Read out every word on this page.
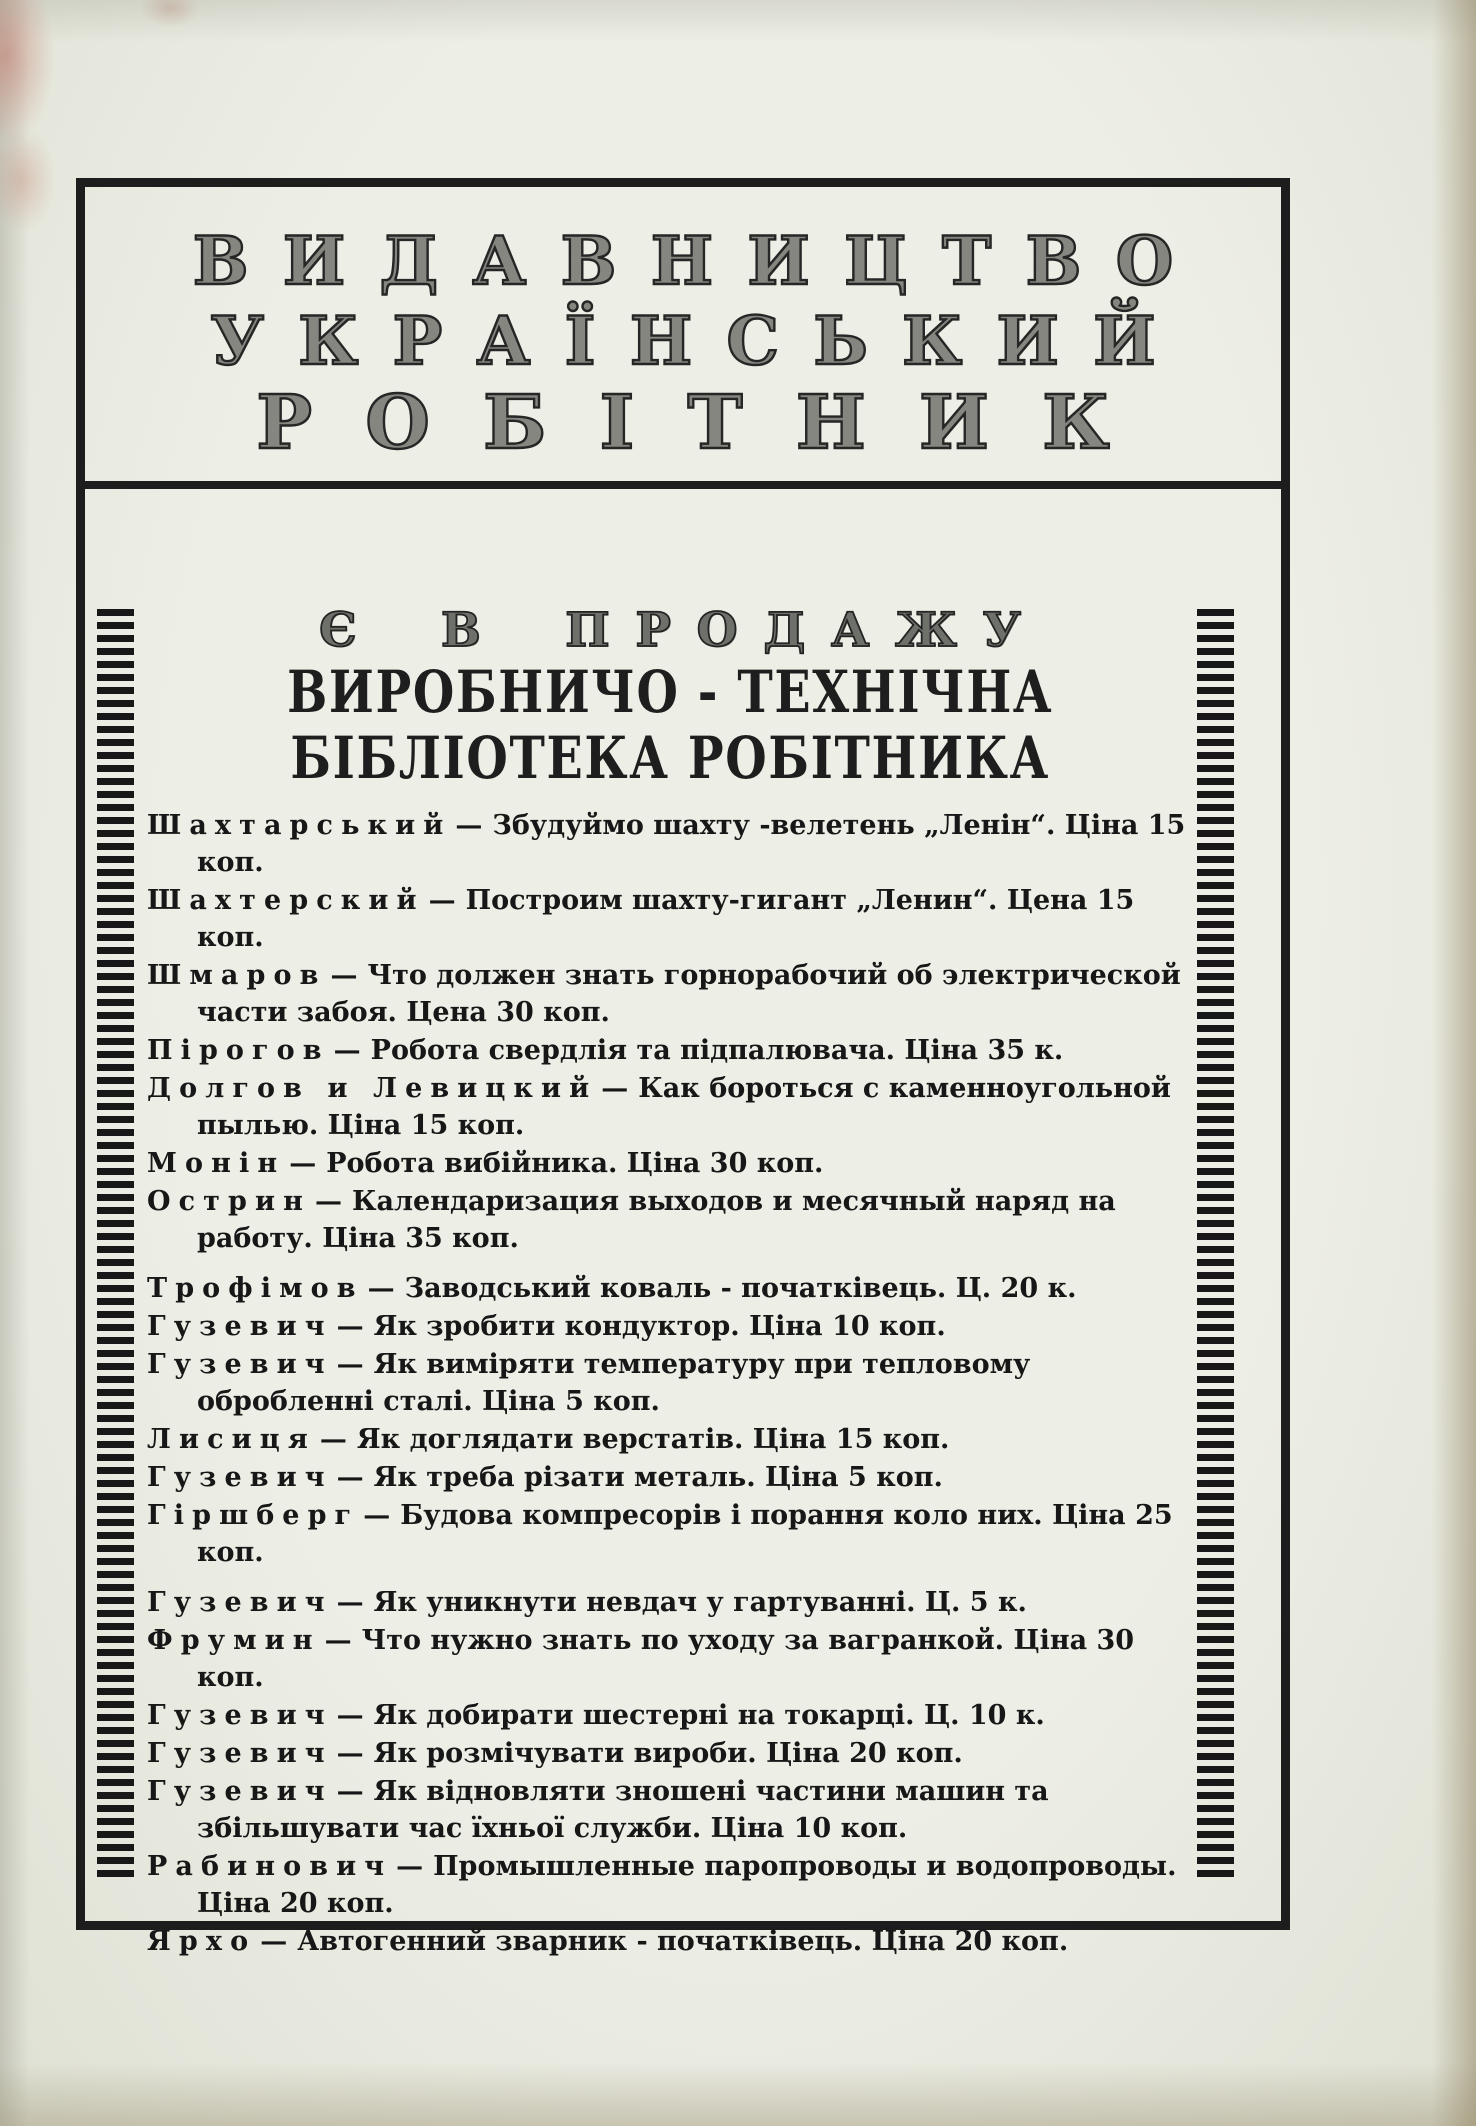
ВИДАВНИЦТВО
УКРАЇНСЬКИЙ
РОБІТНИК
Є В ПРОДАЖУ
ВИРОБНИЧО - ТЕХНІЧНА
БІБЛІОТЕКА РОБІТНИКА
Шахтарський — Збудуймо шахту -велетень „Ленін“. Ціна 15 коп.
Шахтерский — Построим шахту-гигант „Ленин“. Цена 15 коп.
Шмаров — Что должен знать горнорабочий об электрической части забоя. Цена 30 коп.
Пірогов — Робота свердлія та підпалювача. Ціна 35 к.
Долгов и Левицкий — Как бороться с каменноугольной пылью. Ціна 15 коп.
Монін — Робота вибійника. Ціна 30 коп.
Острин — Календаризация выходов и месячный наряд на работу. Ціна 35 коп.
Трофімов — Заводський коваль - початківець. Ц. 20 к.
Гузевич — Як зробити кондуктор. Ціна 10 коп.
Гузевич — Як виміряти температуру при тепловому обробленні сталі. Ціна 5 коп.
Лисиця — Як доглядати верстатів. Ціна 15 коп.
Гузевич — Як треба різати металь. Ціна 5 коп.
Гіршберг — Будова компресорів і порання коло них. Ціна 25 коп.
Гузевич — Як уникнути невдач у гартуванні. Ц. 5 к.
Фрумин — Что нужно знать по уходу за вагранкой. Ціна 30 коп.
Гузевич — Як добирати шестерні на токарці. Ц. 10 к.
Гузевич — Як розмічувати вироби. Ціна 20 коп.
Гузевич — Як відновляти зношені частини машин та збільшувати час їхньої служби. Ціна 10 коп.
Рабинович — Промышленные паропроводы и водопроводы. Ціна 20 коп.
Ярхо — Автогенний зварник - початківець. Ціна 20 коп.
